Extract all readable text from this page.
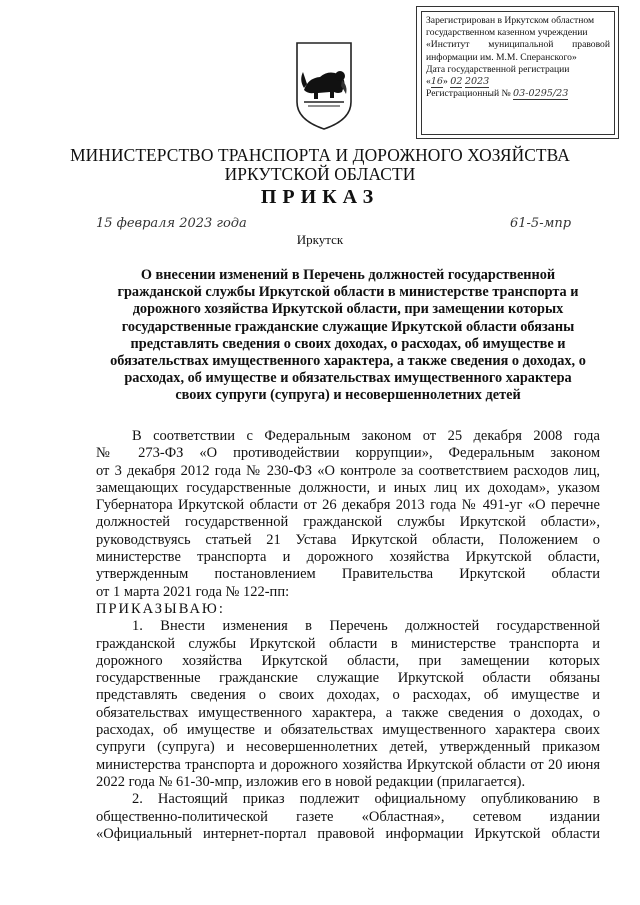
Зарегистрирован в Иркутском областном
государственном казенном учреждении
«Институт муниципальной правовой
информации им. М.М. Сперанского»
Дата государственной регистрации
«16» 02 2023
Регистрационный № 03-0295/23
МИНИСТЕРСТВО ТРАНСПОРТА И ДОРОЖНОГО ХОЗЯЙСТВА
ИРКУТСКОЙ ОБЛАСТИ
ПРИКАЗ
15 февраля 2023 года	61-5-мпр
Иркутск
О внесении изменений в Перечень должностей государственной
гражданской службы Иркутской области в министерстве транспорта и
дорожного хозяйства Иркутской области, при замещении которых
государственные гражданские служащие Иркутской области обязаны
представлять сведения о своих доходах, о расходах, об имуществе и
обязательствах имущественного характера, а также сведения о доходах, о
расходах, об имуществе и обязательствах имущественного характера
своих супруги (супруга) и несовершеннолетних детей
В соответствии с Федеральным законом от 25 декабря 2008 года
№ 273-ФЗ «О противодействии коррупции», Федеральным законом
от 3 декабря 2012 года № 230-ФЗ «О контроле за соответствием расходов лиц,
замещающих государственные должности, и иных лиц их доходам», указом
Губернатора Иркутской области от 26 декабря 2013 года № 491-уг «О перечне
должностей государственной гражданской службы Иркутской области»,
руководствуясь статьей 21 Устава Иркутской области, Положением о
министерстве транспорта и дорожного хозяйства Иркутской области,
утвержденным постановлением Правительства Иркутской области
от 1 марта 2021 года № 122-пп:
ПРИКАЗЫВАЮ:
1. Внести изменения в Перечень должностей государственной
гражданской службы Иркутской области в министерстве транспорта и
дорожного хозяйства Иркутской области, при замещении которых
государственные гражданские служащие Иркутской области обязаны
представлять сведения о своих доходах, о расходах, об имуществе и
обязательствах имущественного характера, а также сведения о доходах, о
расходах, об имуществе и обязательствах имущественного характера своих
супруги (супруга) и несовершеннолетних детей, утвержденный приказом
министерства транспорта и дорожного хозяйства Иркутской области от 20 июня
2022 года № 61-30-мпр, изложив его в новой редакции (прилагается).
2. Настоящий приказ подлежит официальному опубликованию в
общественно-политической газете «Областная», сетевом издании
«Официальный интернет-портал правовой информации Иркутской области
